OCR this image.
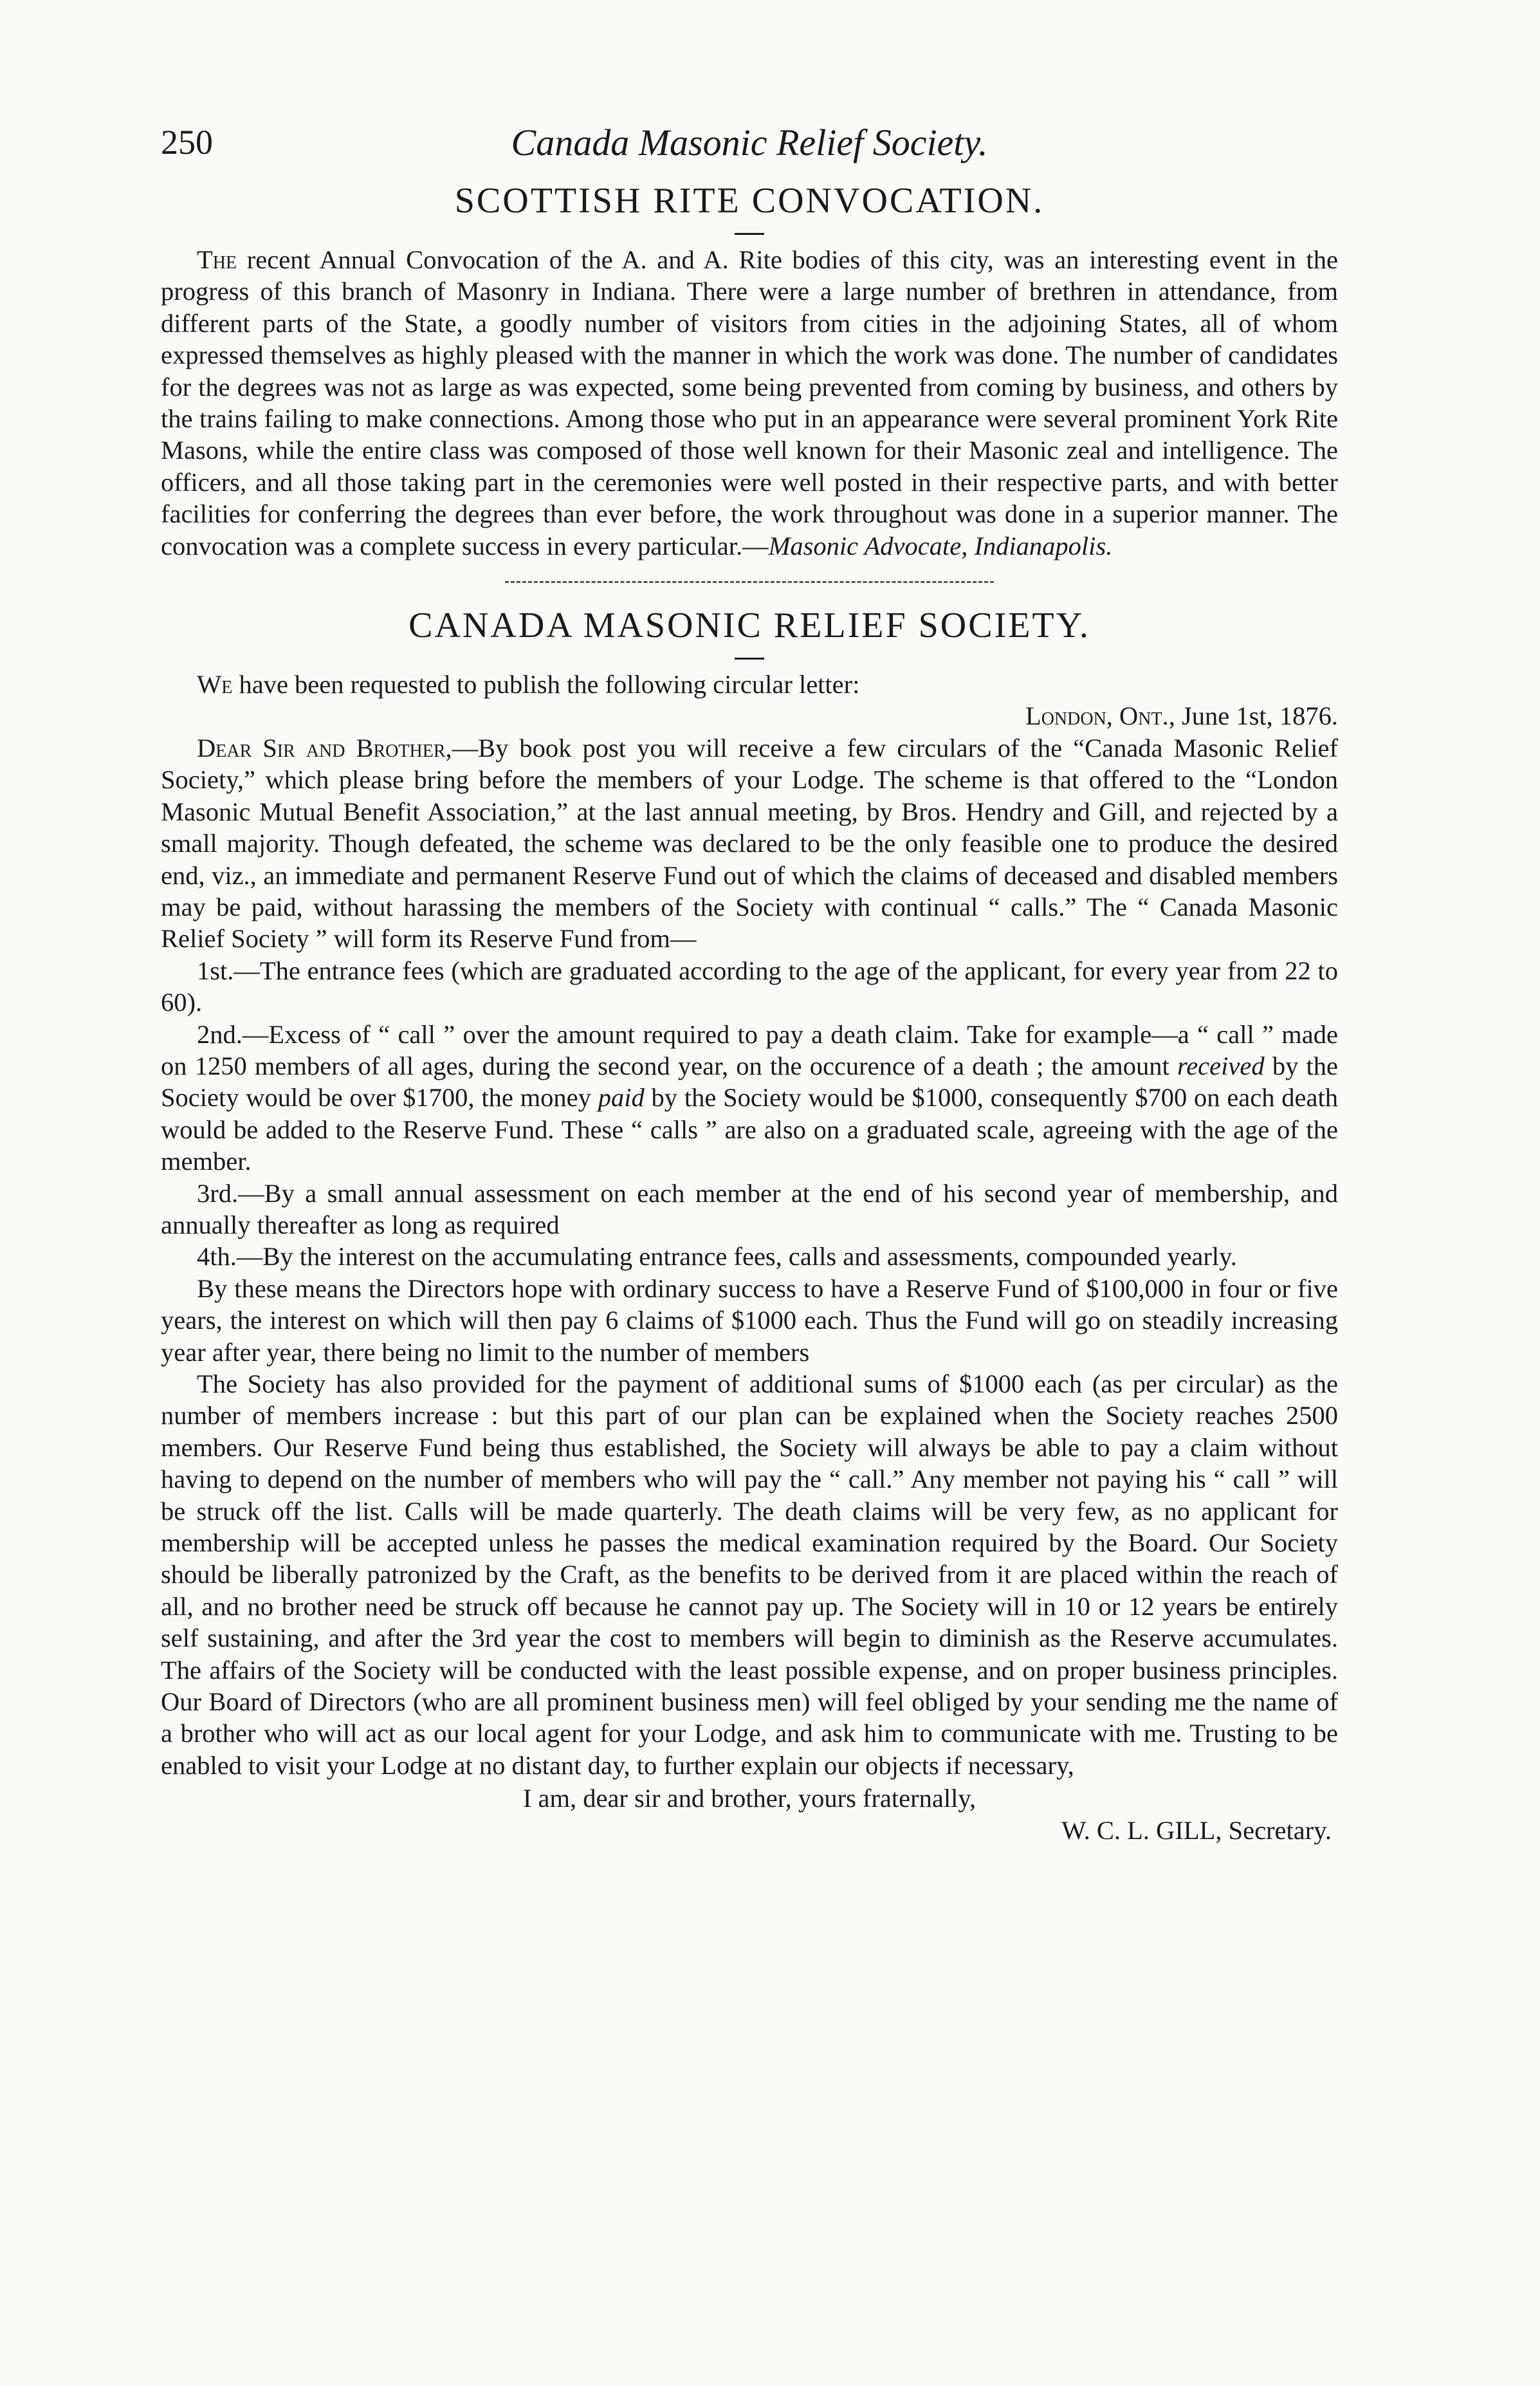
250	Canada Masonic Relief Society.
SCOTTISH RITE CONVOCATION.

The recent Annual Convocation of the A. and A. Rite bodies of this city, was an interesting event in the progress of this branch of Masonry in Indiana. There were a large number of brethren in attendance, from different parts of the State, a goodly number of visitors from cities in the adjoining States, all of whom expressed themselves as highly pleased with the manner in which the work was done. The number of candidates for the degrees was not as large as was expected, some being prevented from coming by business, and others by the trains failing to make connections. Among those who put in an appearance were several prominent York Rite Masons, while the entire class was composed of those well known for their Masonic zeal and intelligence. The officers, and all those taking part in the ceremonies were well posted in their respective parts, and with better facilities for conferring the degrees than ever before, the work throughout was done in a superior manner. The convocation was a complete success in every particular.—Masonic Advocate, Indianapolis.

CANADA MASONIC RELIEF SOCIETY.

We have been requested to publish the following circular letter:

London, Ont., June 1st, 1876.

Dear Sir and Brother,—By book post you will receive a few circulars of the “Canada Masonic Relief Society,” which please bring before the members of your Lodge. The scheme is that offered to the “London Masonic Mutual Benefit Association,” at the last annual meeting, by Bros. Hendry and Gill, and rejected by a small majority. Though defeated, the scheme was declared to be the only feasible one to produce the desired end, viz., an immediate and permanent Reserve Fund out of which the claims of deceased and disabled members may be paid, without harassing the members of the Society with continual “ calls.” The “ Canada Masonic Relief Society ” will form its Reserve Fund from—

1st.—The entrance fees (which are graduated according to the age of the applicant, for every year from 22 to 60).

2nd.—Excess of “ call ” over the amount required to pay a death claim. Take for example—a “ call ” made on 1250 members of all ages, during the second year, on the occurence of a death ; the amount received by the Society would be over $1700, the money paid by the Society would be $1000, consequently $700 on each death would be added to the Reserve Fund. These “ calls ” are also on a graduated scale, agreeing with the age of the member.

3rd.—By a small annual assessment on each member at the end of his second year of membership, and annually thereafter as long as required

4th.—By the interest on the accumulating entrance fees, calls and assessments, compounded yearly.

By these means the Directors hope with ordinary success to have a Reserve Fund of $100,000 in four or five years, the interest on which will then pay 6 claims of $1000 each. Thus the Fund will go on steadily increasing year after year, there being no limit to the number of members

The Society has also provided for the payment of additional sums of $1000 each (as per circular) as the number of members increase : but this part of our plan can be explained when the Society reaches 2500 members. Our Reserve Fund being thus established, the Society will always be able to pay a claim without having to depend on the number of members who will pay the “ call.” Any member not paying his “ call ” will be struck off the list. Calls will be made quarterly. The death claims will be very few, as no applicant for membership will be accepted unless he passes the medical examination required by the Board. Our Society should be liberally patronized by the Craft, as the benefits to be derived from it are placed within the reach of all, and no brother need be struck off because he cannot pay up. The Society will in 10 or 12 years be entirely self sustaining, and after the 3rd year the cost to members will begin to diminish as the Reserve accumulates. The affairs of the Society will be conducted with the least possible expense, and on proper business principles. Our Board of Directors (who are all prominent business men) will feel obliged by your sending me the name of a brother who will act as our local agent for your Lodge, and ask him to communicate with me. Trusting to be enabled to visit your Lodge at no distant day, to further explain our objects if necessary,

I am, dear sir and brother, yours fraternally,

W. C. L. GILL, Secretary.
